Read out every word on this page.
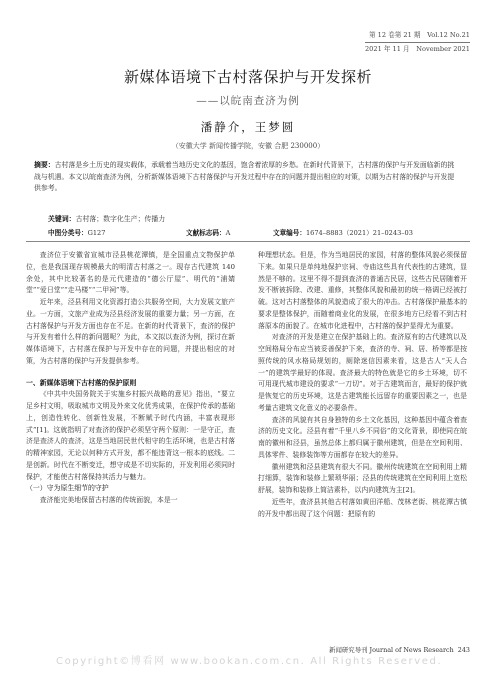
第 12 卷第 21 期　Vol.12 No.21
2021 年 11 月　November 2021
新媒体语境下古村落保护与开发探析
——以皖南查济为例
潘静介，王梦圆
（安徽大学 新闻传播学院，安徽 合肥 230000）
摘要：古村落是乡土历史的现实载体，承载着当地历史文化的基因，饱含着浓厚的乡愁。在新时代背景下，古村落的保护与开发面临新的挑战与机遇。本文以皖南查济为例，分析新媒体语境下古村落保护与开发过程中存在的问题并提出相应的对策，以期为古村落的保护与开发提供参考。
关键词：古村落；数字化生产；传播力
中图分类号：G127	文献标志码：A	文章编号：1674–8883（2021）21–0243–03

查济位于安徽省宣城市泾县桃花潭镇，是全国重点文物保护单位，也是我国现存规模最大的明清古村落之一。现存古代建筑 140 余处，其中比较著名的是元代建造的“德公厅屋”、明代的“浦婧堂”“爱日堂”“走马楼”“二甲祠”等。

近年来，泾县利用文化资源打造公共服务空间，大力发展文旅产业。一方面，文旅产业成为泾县经济发展的重要力量；另一方面，在古村落保护与开发方面也存在不足。在新的时代背景下，查济的保护与开发有着什么样的新问题呢？为此，本文拟以查济为例，探讨在新媒体语境下，古村落在保护与开发中存在的问题，并提出相应的对策，为古村落的保护与开发提供参考。

一、新媒体语境下古村落的保护原则

《中共中央国务院关于实施乡村振兴战略的意见》指出，“要立足乡村文明，吸取城市文明及外来文化优秀成果，在保护传承的基础上，创造性转化、创新性发展，不断赋予时代内涵，丰富表现形式”[1]。这就指明了对查济的保护必须坚守两个原则：一是守正，查济是查济人的查济，这是当地居民世代相守的生活环境，也是古村落的精神家园，无论以何种方式开发，都不能违背这一根本的底线。二是创新。时代在不断变迁，想守成是不切实际的，开发利用必须同时保护，才能使古村落保持其活力与魅力。

（一）守为原生细节的守护

查济能完美地保留古村落的传统面貌，本是一

种理想状态。但是，作为当地居民的家园，村落的整体风貌必须保留下来。如果只是单纯地保护宗祠、寺庙这些具有代表性的古建筑，显然是不够的。这里不得不提到查济的普通古民居，这些古民居随着开发不断被拆除、改建、重修，其整体风貌和最初的统一格调已经被打破。这对古村落整体的风貌造成了很大的冲击。古村落保护最基本的要求是整体保护，而随着商业化的发展，在很多地方已经看不到古村落原本的面貌了。在城市化进程中，古村落的保护显得尤为重要。

对查济的开发是建立在保护基础上的。查济原有的古代建筑以及空间格局分布应当被妥善保护下来，查济的寺、祠、居、桥等都是按照传统的风水格局规划的，厕除迷信因素来看，这是古人“天人合一”的建筑学最好的体现。查济最大的特色就是它的乡土环境，切不可用现代城市建设的要求“一刀切”。对于古建筑而言，最好的保护就是恢复它的历史环境，这是古建筑能长远留存的重要因素之一，也是考量古建筑文化意义的必要条件。

查济的风貌有其自身独特的乡土文化基因，这种基因中蕴含着查济的历史文化。泾县有着“千里八乡不同俗”的文化背景，即使同在皖南的徽州和泾县，虽然总体上都归属于徽州建筑，但是在空间利用、具体零件、装修装饰等方面都存在较大的差异。

徽州建筑和泾县建筑有很大不同。徽州传统建筑在空间利用上精打细算，装饰和装修上繁琐华丽；泾县的传统建筑在空间利用上宽松舒展，装饰和装修上简洁素朴，以内向建筑为主[2]。

近些年，查济县其他古村落如黄田洋船、茂林老街、桃花潭古镇的开发中都出现了这个问题：把原有的

新闻研究导刊 Journal of News Research 243
Copyright©博看网 www.bookan.com.cn. All Rights Reserved.
